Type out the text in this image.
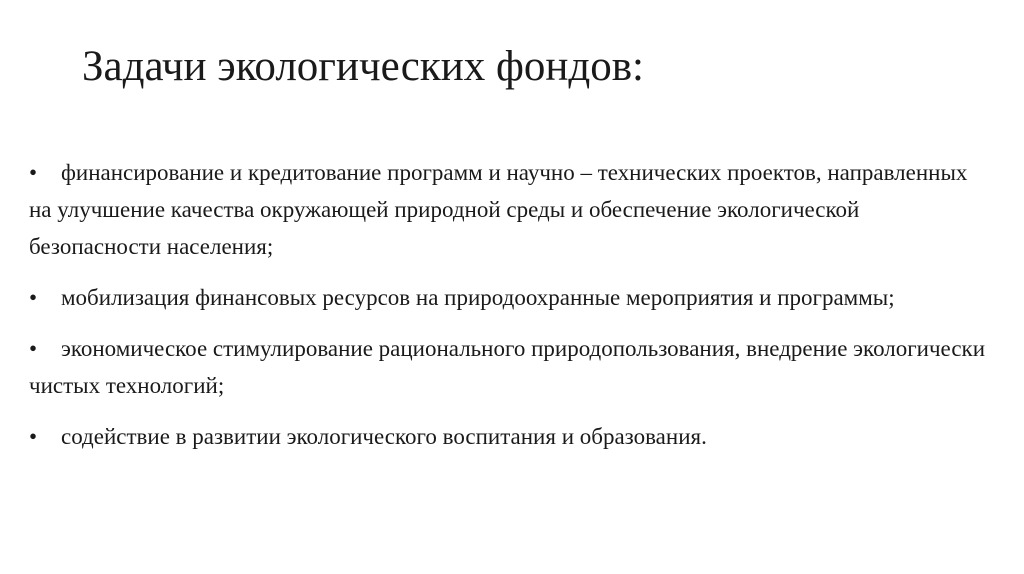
Задачи экологических фондов:
• финансирование и кредитование программ и научно – технических проектов, направленных на улучшение качества окружающей природной среды и обеспечение экологической безопасности населения;
• мобилизация финансовых ресурсов на природоохранные мероприятия и программы;
• экономическое стимулирование рационального природопользования, внедрение экологически чистых технологий;
• содействие в развитии экологического воспитания и образования.
